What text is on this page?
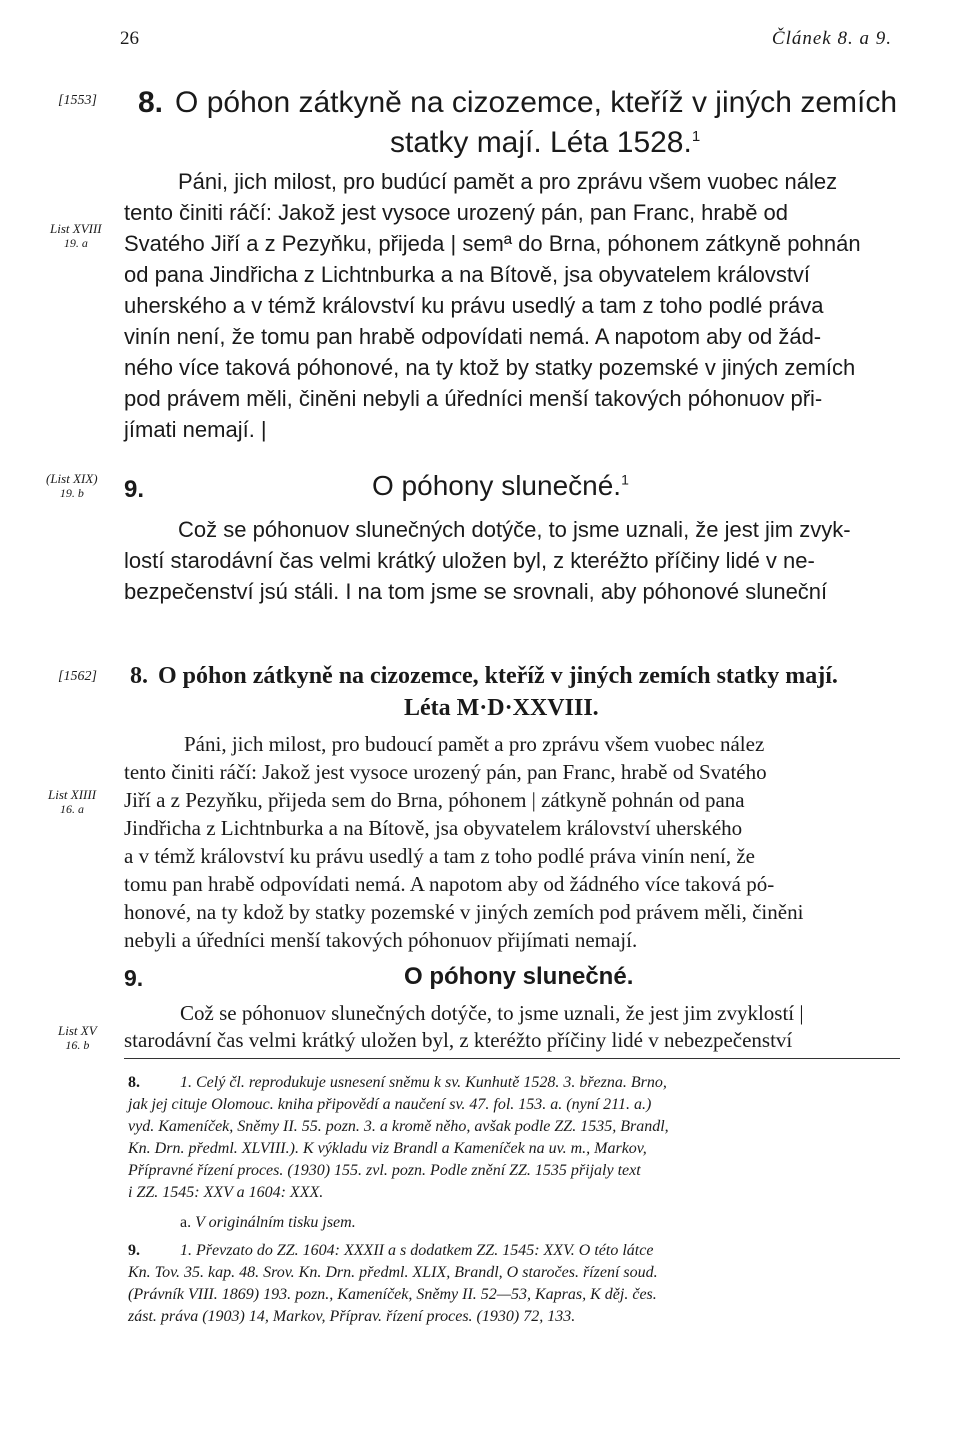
26	Článek 8. a 9.
[1553] 8. O póhon zátkyně na cizozemce, kteříž v jiných zemích
statky mají. Léta 1528.$^1$
List XVIII
19. a
Páni, jich milost, pro budúcí pamět a pro zprávu všem vuobec nález
tento činiti ráčí: Jakož jest vysoce urozený pán, pan Franc, hrabě od
Svatého Jiří a z Pezyňku, přijeda | semª do Brna, póhonem zátkyně pohnán
od pana Jindřicha z Lichtnburka a na Bítově, jsa obyvatelem království
uherského a v témž království ku právu usedlý a tam z toho podlé práva
vinín není, že tomu pan hrabě odpovídati nemá. A napotom aby od žád-
ného více taková póhonové, na ty ktož by statky pozemské v jiných zemích
pod právem měli, činěni nebyli a úředníci menší takových póhonuov při-
jímati nemají. |
(List XIX)
19. b	9.	O póhony slunečné.$^1$
Což se póhonuov slunečných dotýče, to jsme uznali, že jest jim zvyk-
lostí starodávní čas velmi krátký uložen byl, z kteréžto příčiny lidé v ne-
bezpečenství jsú stáli. I na tom jsme se srovnali, aby póhonové sluneční
[1562] 8. O póhon zátkyně na cizozemce, kteříž v jiných zemích statky mají.
Léta M·D·XXVIII.
List XIIII
16. a
Páni, jich milost, pro budoucí pamět a pro zprávu všem vuobec nález
tento činiti ráčí: Jakož jest vysoce urozený pán, pan Franc, hrabě od Svatého
Jiří a z Pezyňku, přijeda sem do Brna, póhonem | zátkyně pohnán od pana
Jindřicha z Lichtnburka a na Bítově, jsa obyvatelem království uherského
a v témž království ku právu usedlý a tam z toho podlé práva vinín není, že
tomu pan hrabě odpovídati nemá. A napotom aby od žádného více taková pó-
honové, na ty kdož by statky pozemské v jiných zemích pod právem měli, činěni
nebyli a úředníci menší takových póhonuov přijímati nemají.
9.	O póhony slunečné.
List XV
16. b
Což se póhonuov slunečných dotýče, to jsme uznali, že jest jim zvyklostí |
starodávní čas velmi krátký uložen byl, z kteréžto příčiny lidé v nebezpečenství
8.	1. Celý čl. reprodukuje usnesení sněmu k sv. Kunhutě 1528. 3. března. Brno,
jak jej cituje Olomouc. kniha připovědí a naučení sv. 47. fol. 153. a. (nyní 211. a.)
vyd. Kameníček, Sněmy II. 55. pozn. 3. a kromě něho, avšak podle ZZ. 1535, Brandl,
Kn. Drn. předml. XLVIII.). K výkladu viz Brandl a Kameníček na uv. m., Markov,
Přípravné řízení proces. (1930) 155. zvl. pozn. Podle znění ZZ. 1535 přijaly text
i ZZ. 1545: XXV a 1604: XXX.
a. V originálním tisku jsem.
9.	1. Převzato do ZZ. 1604: XXXII a s dodatkem ZZ. 1545: XXV. O této látce
Kn. Tov. 35. kap. 48. Srov. Kn. Drn. předml. XLIX, Brandl, O staročes. řízení soud.
(Právník VIII. 1869) 193. pozn., Kameníček, Sněmy II. 52—53, Kapras, K děj. čes.
zást. práva (1903) 14, Markov, Příprav. řízení proces. (1930) 72, 133.
